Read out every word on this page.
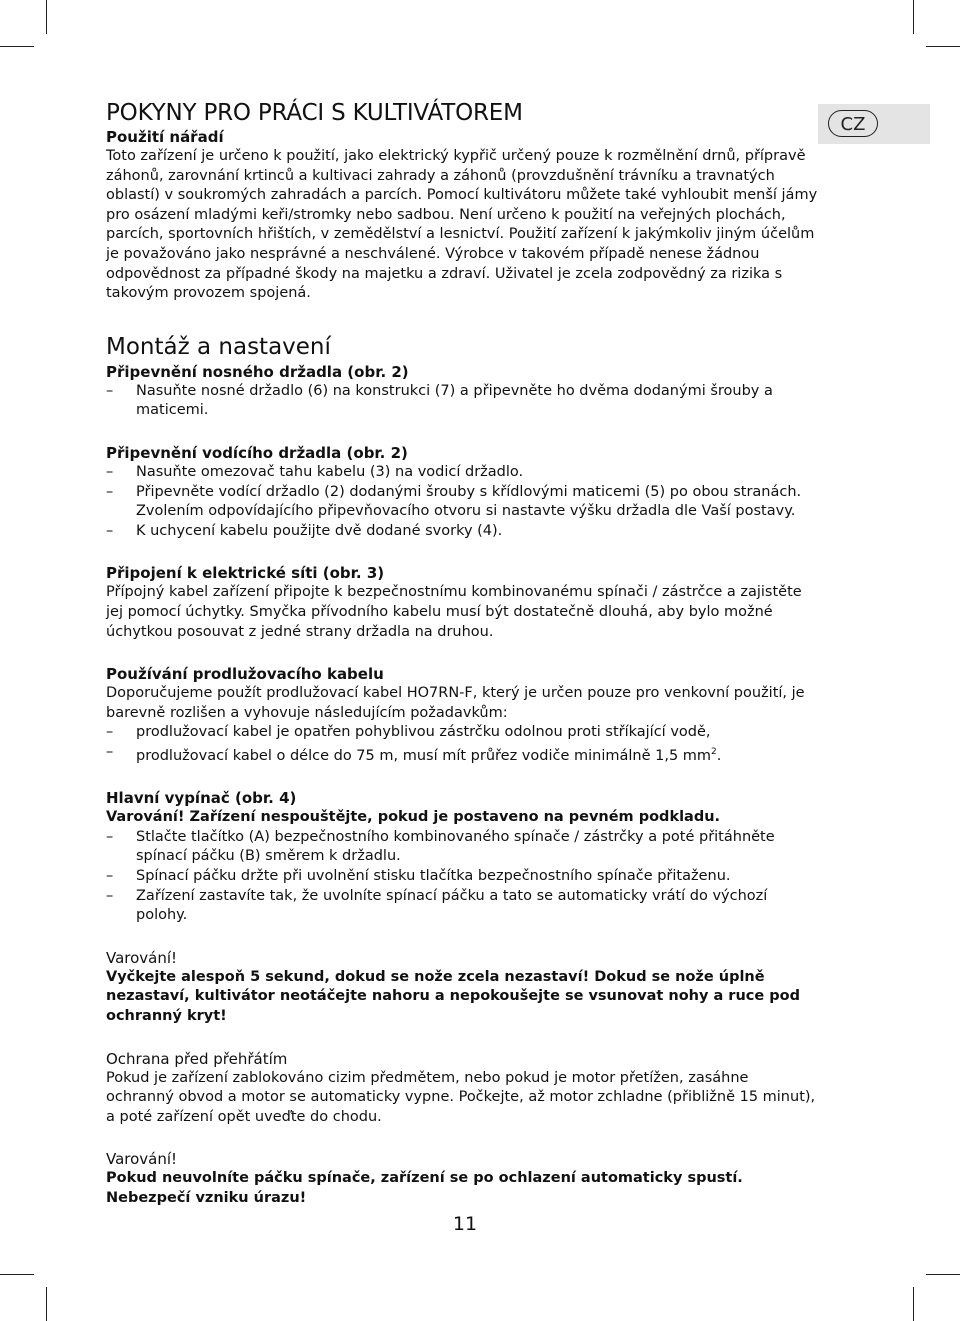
CZ
POKYNY PRO PRÁCI S KULTIVÁTOREM
Použití nářadí

Toto zařízení je určeno k použití, jako elektrický kypřič určený pouze k rozmělnění drnů, přípravě záhonů, zarovnání krtinců a kultivaci zahrady a záhonů (provzdušnění trávníku a travnatých oblastí) v soukromých zahradách a parcích. Pomocí kultivátoru můžete také vyhloubit menší jámy pro osázení mladými keři/stromky nebo sadbou. Není určeno k použití na veřejných plochách, parcích, sportovních hřištích, v zemědělství a lesnictví. Použití zařízení k jakýmkoliv jiným účelům je považováno jako nesprávné a neschválené. Výrobce v takovém případě nenese žádnou odpovědnost za případné škody na majetku a zdraví. Uživatel je zcela zodpovědný za rizika s takovým provozem spojená.

Montáž a nastavení
Připevnění nosného držadla (obr. 2)
–	Nasuňte nosné držadlo (6) na konstrukci (7) a připevněte ho dvěma dodanými šrouby a maticemi.
Připevnění vodícího držadla (obr. 2)
–	Nasuňte omezovač tahu kabelu (3) na vodicí držadlo.
–	Připevněte vodící držadlo (2) dodanými šrouby s křídlovými maticemi (5) po obou stranách. Zvolením odpovídajícího připevňovacího otvoru si nastavte výšku držadla dle Vaší postavy.
–	K uchycení kabelu použijte dvě dodané svorky (4).
Připojení k elektrické síti (obr. 3)

Přípojný kabel zařízení připojte k bezpečnostnímu kombinovanému spínači / zástrčce a zajistěte jej pomocí úchytky. Smyčka přívodního kabelu musí být dostatečně dlouhá, aby bylo možné úchytkou posouvat z jedné strany držadla na druhou.

Používání prodlužovacího kabelu

Doporučujeme použít prodlužovací kabel HO7RN-F, který je určen pouze pro venkovní použití, je barevně rozlišen a vyhovuje následujícím požadavkům:

–	prodlužovací kabel je opatřen pohyblivou zástrčku odolnou proti stříkající vodě,
–	prodlužovací kabel o délce do 75 m, musí mít průřez vodiče minimálně 1,5 $mm^2$.
Hlavní vypínač (obr. 4)

Varování! Zařízení nespouštějte, pokud je postaveno na pevném podkladu.

–	Stlačte tlačítko (A) bezpečnostního kombinovaného spínače / zástrčky a poté přitáhněte spínací páčku (B) směrem k držadlu.
–	Spínací páčku držte při uvolnění stisku tlačítka bezpečnostního spínače přitaženu.
–	Zařízení zastavíte tak, že uvolníte spínací páčku a tato se automaticky vrátí do výchozí polohy.
Varování!

Vyčkejte alespoň 5 sekund, dokud se nože zcela nezastaví! Dokud se nože úplně nezastaví, kultivátor neotáčejte nahoru a nepokoušejte se vsunovat nohy a ruce pod ochranný kryt!

Ochrana před přehřátím

Pokud je zařízení zablokováno cizim předmětem, nebo pokud je motor přetížen, zasáhne ochranný obvod a motor se automaticky vypne. Počkejte, až motor zchladne (přibližně 15 minut), a poté zařízení opět uveďte do chodu.

Varování!

Pokud neuvolníte páčku spínače, zařízení se po ochlazení automaticky spustí. Nebezpečí vzniku úrazu!

11
